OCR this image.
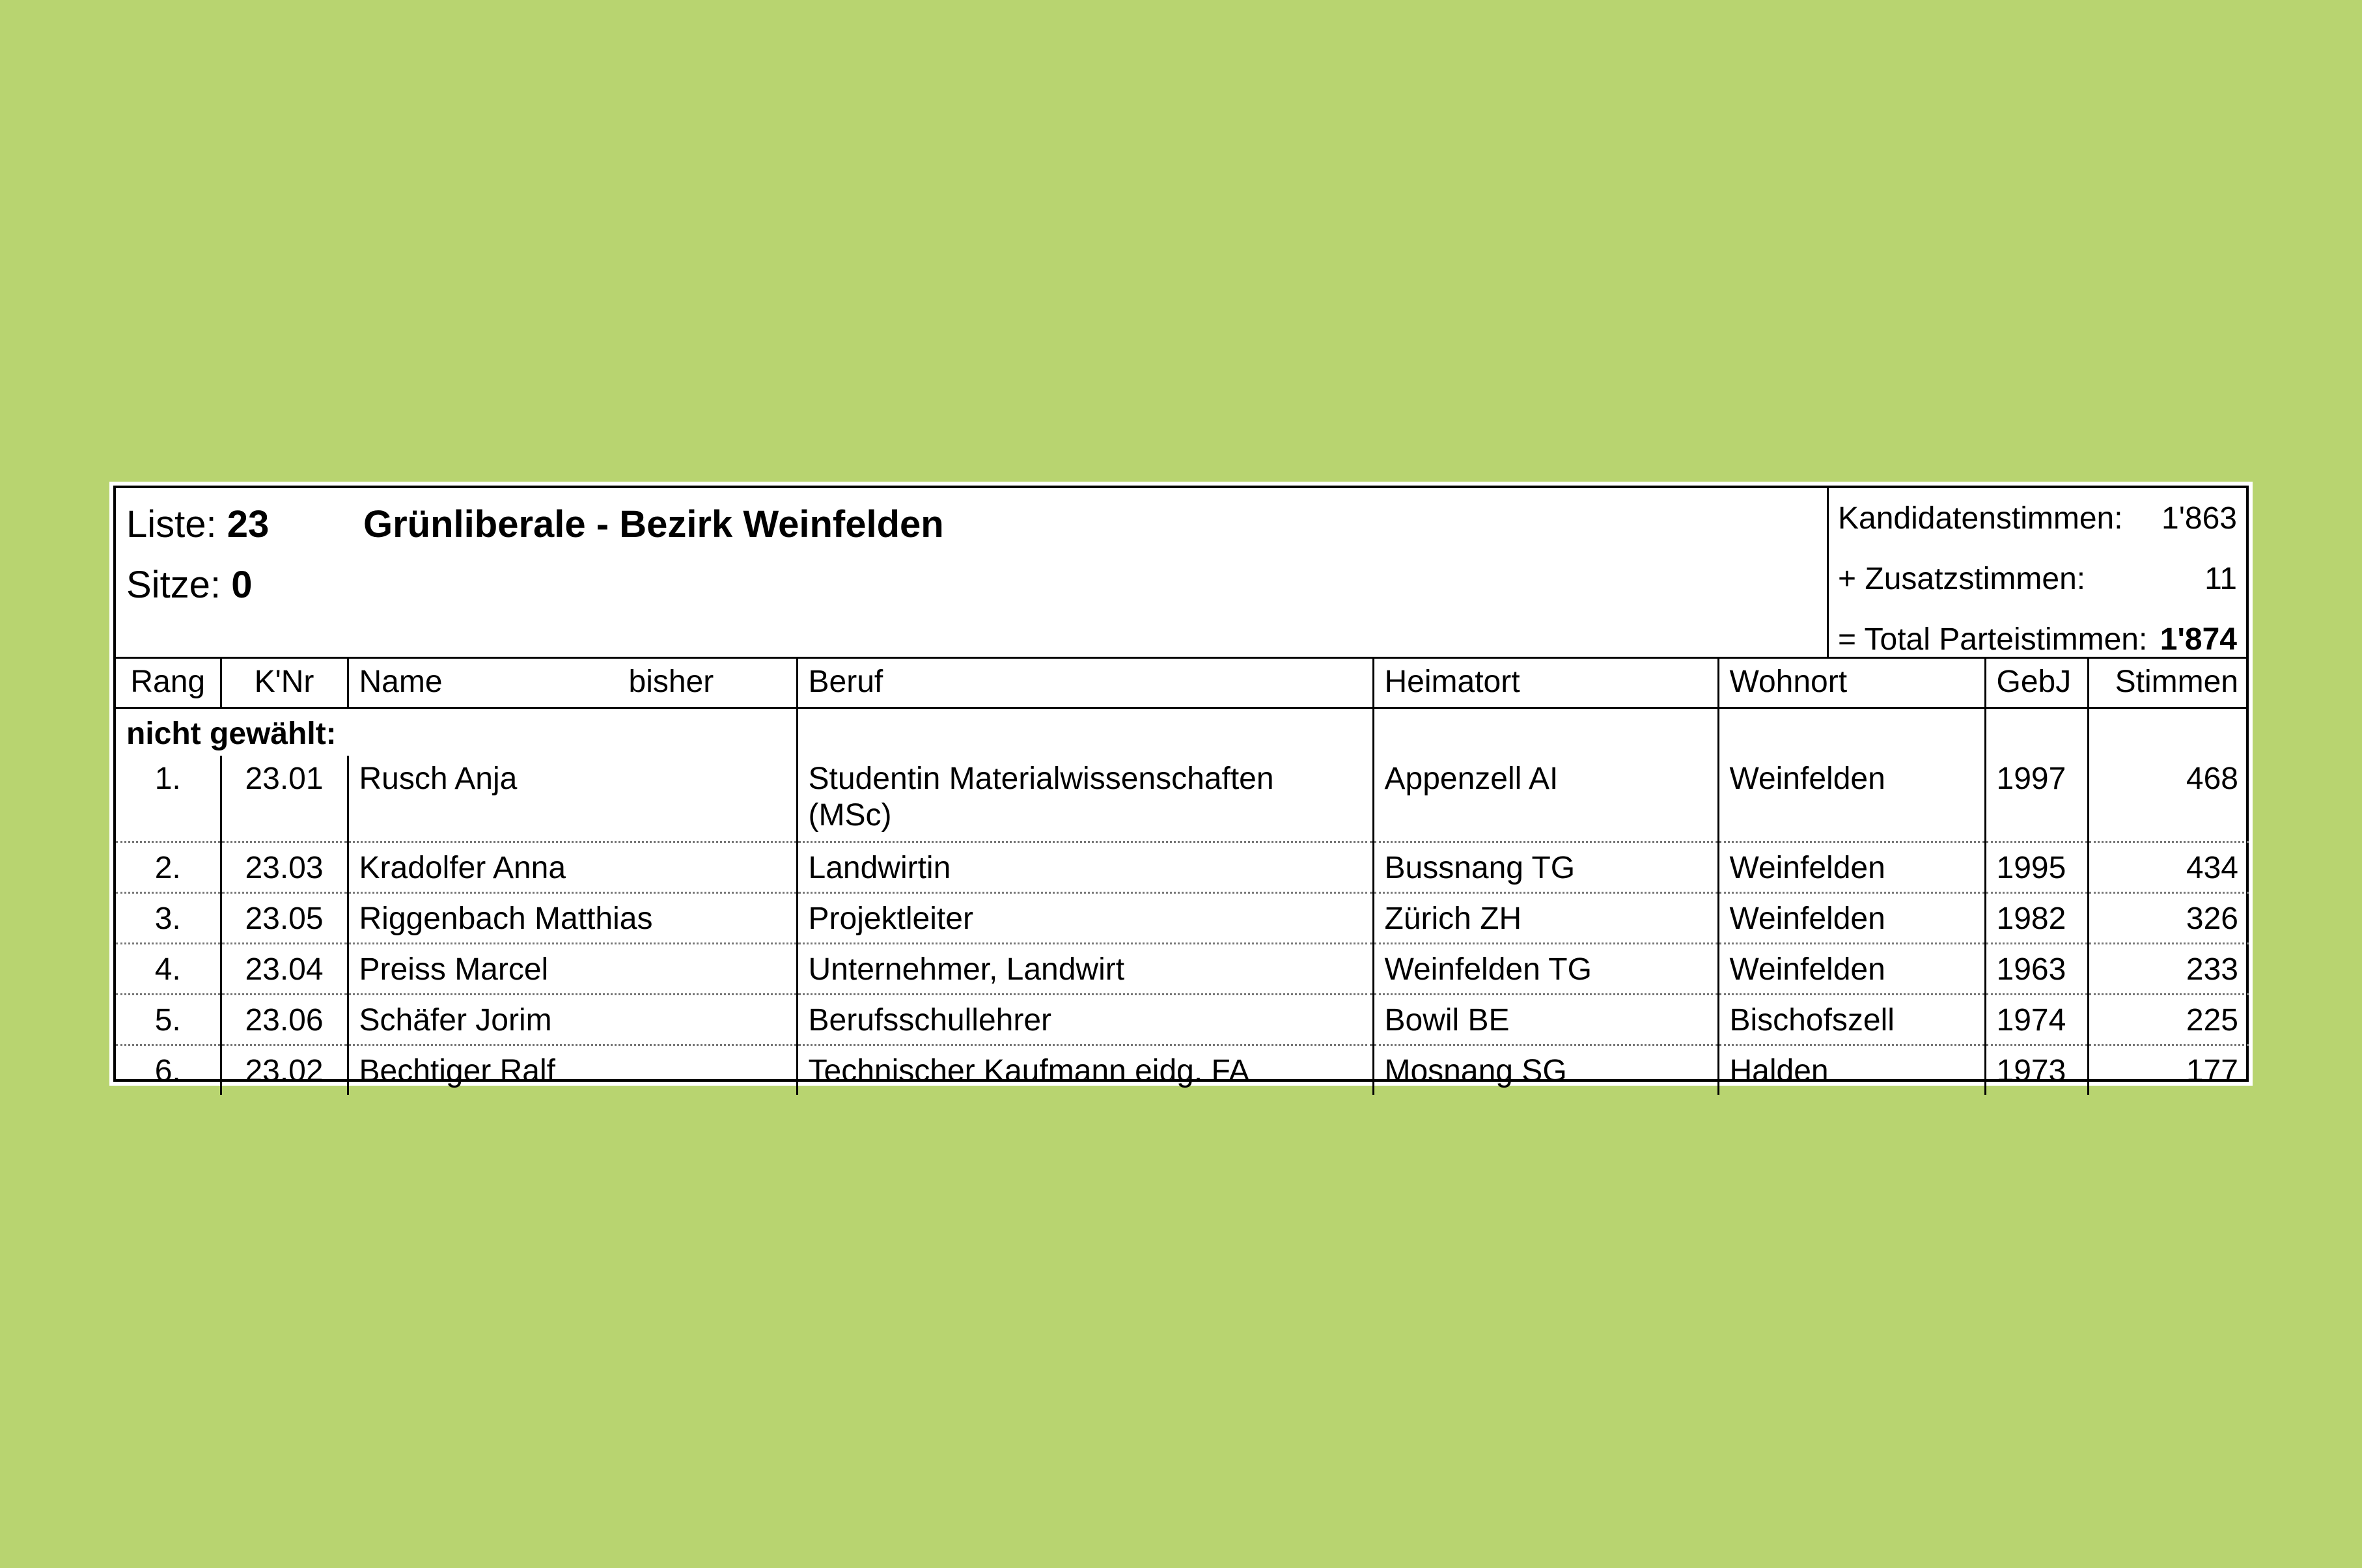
Liste: 23 Grünliberale - Bezirk Weinfelden
Sitze: 0
Kandidatenstimmen: 1'863
+ Zusatzstimmen:	11
= Total Parteistimmen: 1'874
Rang	K'Nr	Name bisher	Beruf	Heimatort	Wohnort	GebJ	Stimmen
nicht gewählt:							
1.	23.01	Rusch Anja	Studentin Materialwissenschaften (MSc)	Appenzell AI	Weinfelden	1997	468
2.	23.03	Kradolfer Anna	Landwirtin	Bussnang TG	Weinfelden	1995	434
3.	23.05	Riggenbach Matthias	Projektleiter	Zürich ZH	Weinfelden	1982	326
4.	23.04	Preiss Marcel	Unternehmer, Landwirt	Weinfelden TG	Weinfelden	1963	233
5.	23.06	Schäfer Jorim	Berufsschullehrer	Bowil BE	Bischofszell	1974	225
6.	23.02	Bechtiger Ralf	Technischer Kaufmann eidg. FA	Mosnang SG	Halden	1973	177
